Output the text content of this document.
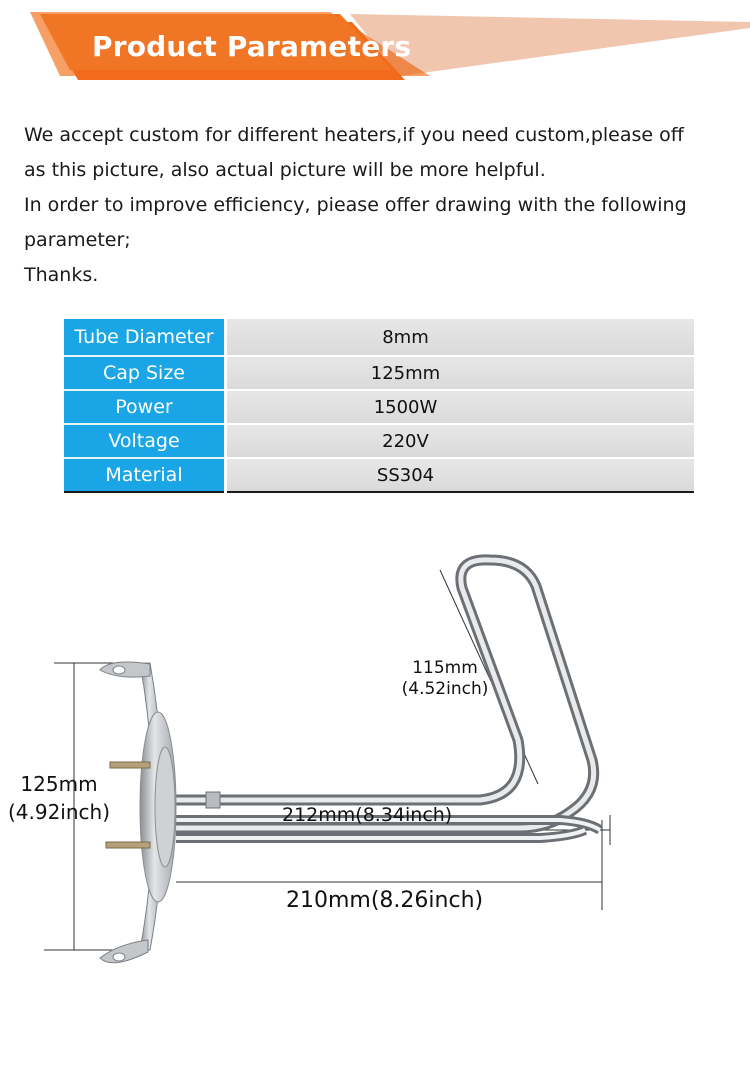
Product Parameters

We accept custom for different heaters,if you need custom,please off

as this picture, also actual picture will be more helpful.

In order to improve efficiency, piease offer drawing with the following

parameter;

Thanks.

Tube Diameter	8mm
Cap Size	125mm
Power	1500W
Voltage	220V
Material	SS304
125mm
(4.92inch)
115mm
(4.52inch)
212mm(8.34inch)
210mm(8.26inch)
